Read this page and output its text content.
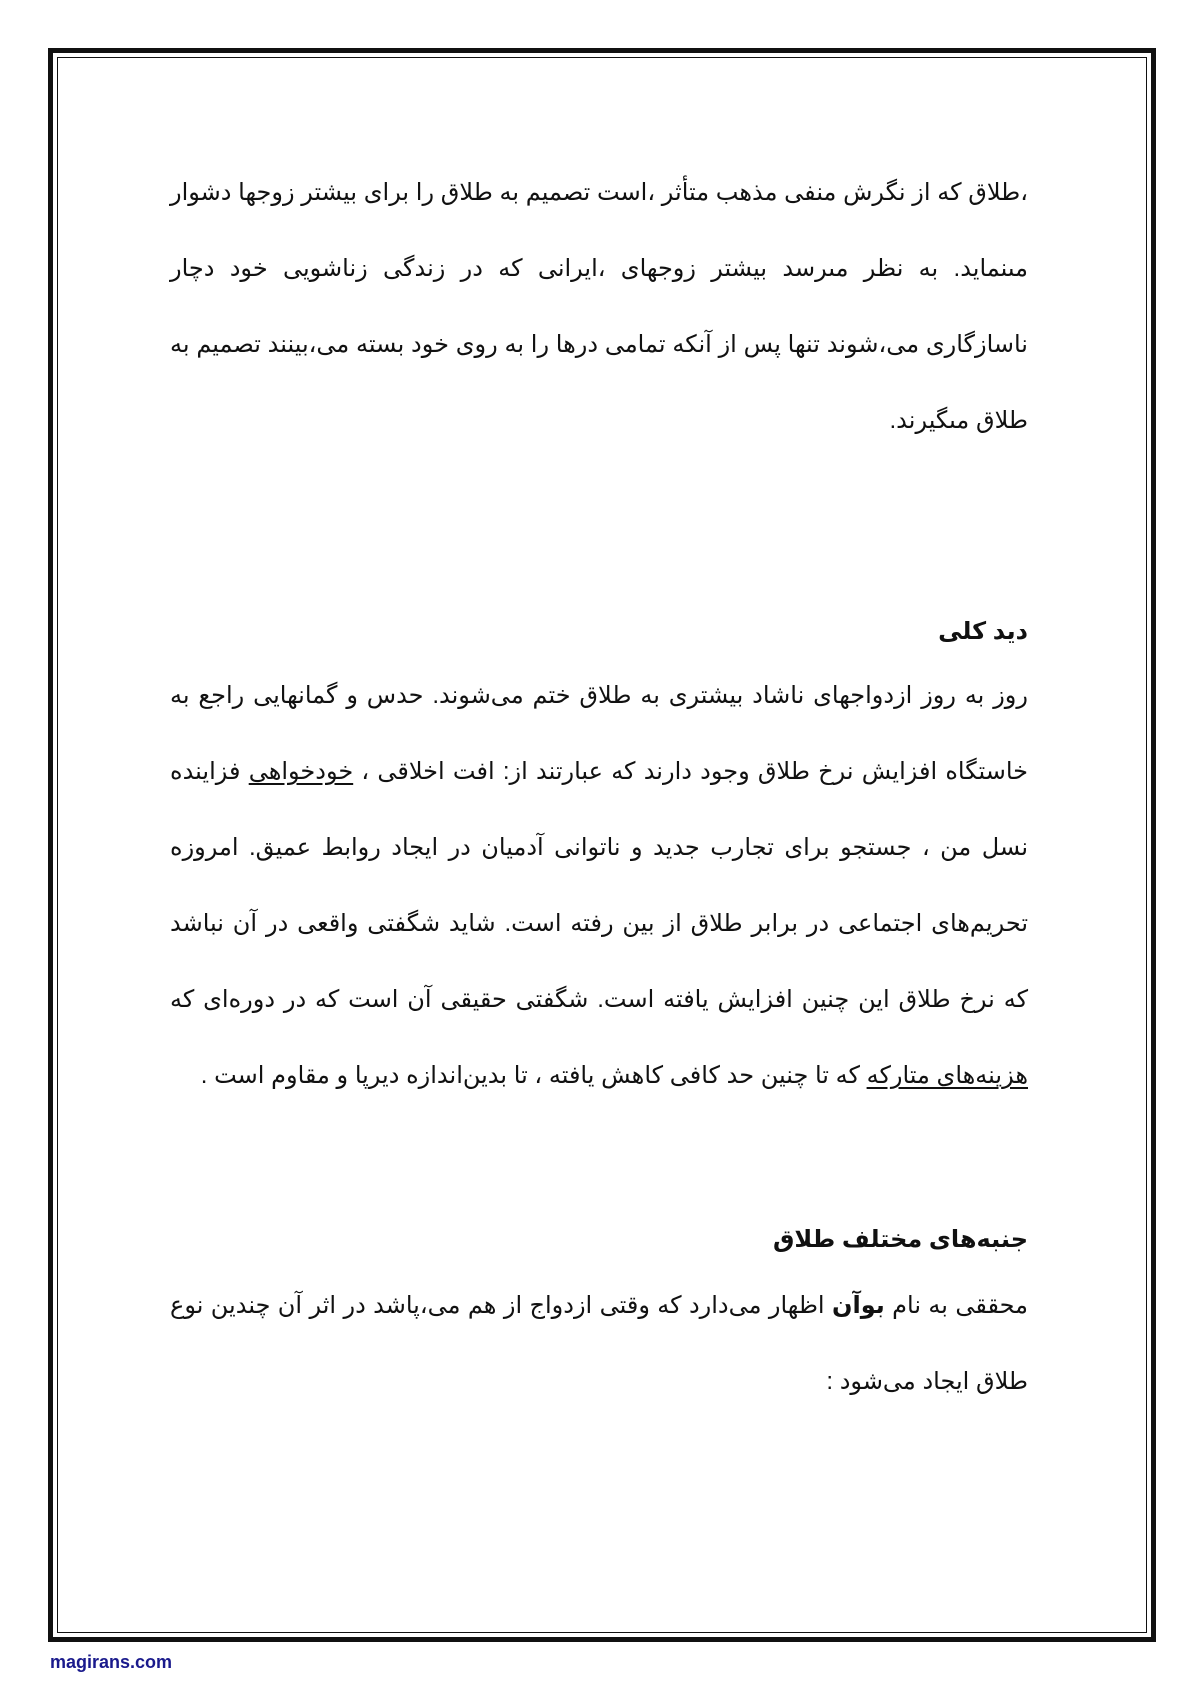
،طلاق که از نگرش منفی مذهب متأثر ،است تصمیم به طلاق را برای بیشتر زوجها دشوار مىنماید. به نظر مىرسد بیشتر زوجهای ،ایرانی که در زندگی زناشویی خود دچار ناسازگاری مى،شوند تنها پس از آنکه تمامی درها را به روی خود بسته مى،بینند تصمیم به طلاق مىگیرند.

دید کلی

روز به روز ازدواجهای ناشاد بیشتری به طلاق ختم می‌شوند. حدس و گمانهایی راجع به خاستگاه افزایش نرخ طلاق وجود دارند که عبارتند از: افت اخلاقی ، خودخواهی فزاینده نسل من ، جستجو برای تجارب جدید و ناتوانی آدمیان در ایجاد روابط عمیق. امروزه تحریم‌های اجتماعی در برابر طلاق از بین رفته است. شاید شگفتی واقعی در آن نباشد که نرخ طلاق این چنین افزایش یافته است. شگفتی حقیقی آن است که در دوره‌ای که هزینه‌های متارکه که تا چنین حد کافی کاهش یافته ، تا بدین‌اندازه دیرپا و مقاوم است .

جنبه‌های مختلف طلاق

محققی به نام بوآن اظهار می‌دارد که وقتی ازدواج از هم می‌،پاشد در اثر آن چندین نوع طلاق ایجاد می‌شود :

magirans.com
